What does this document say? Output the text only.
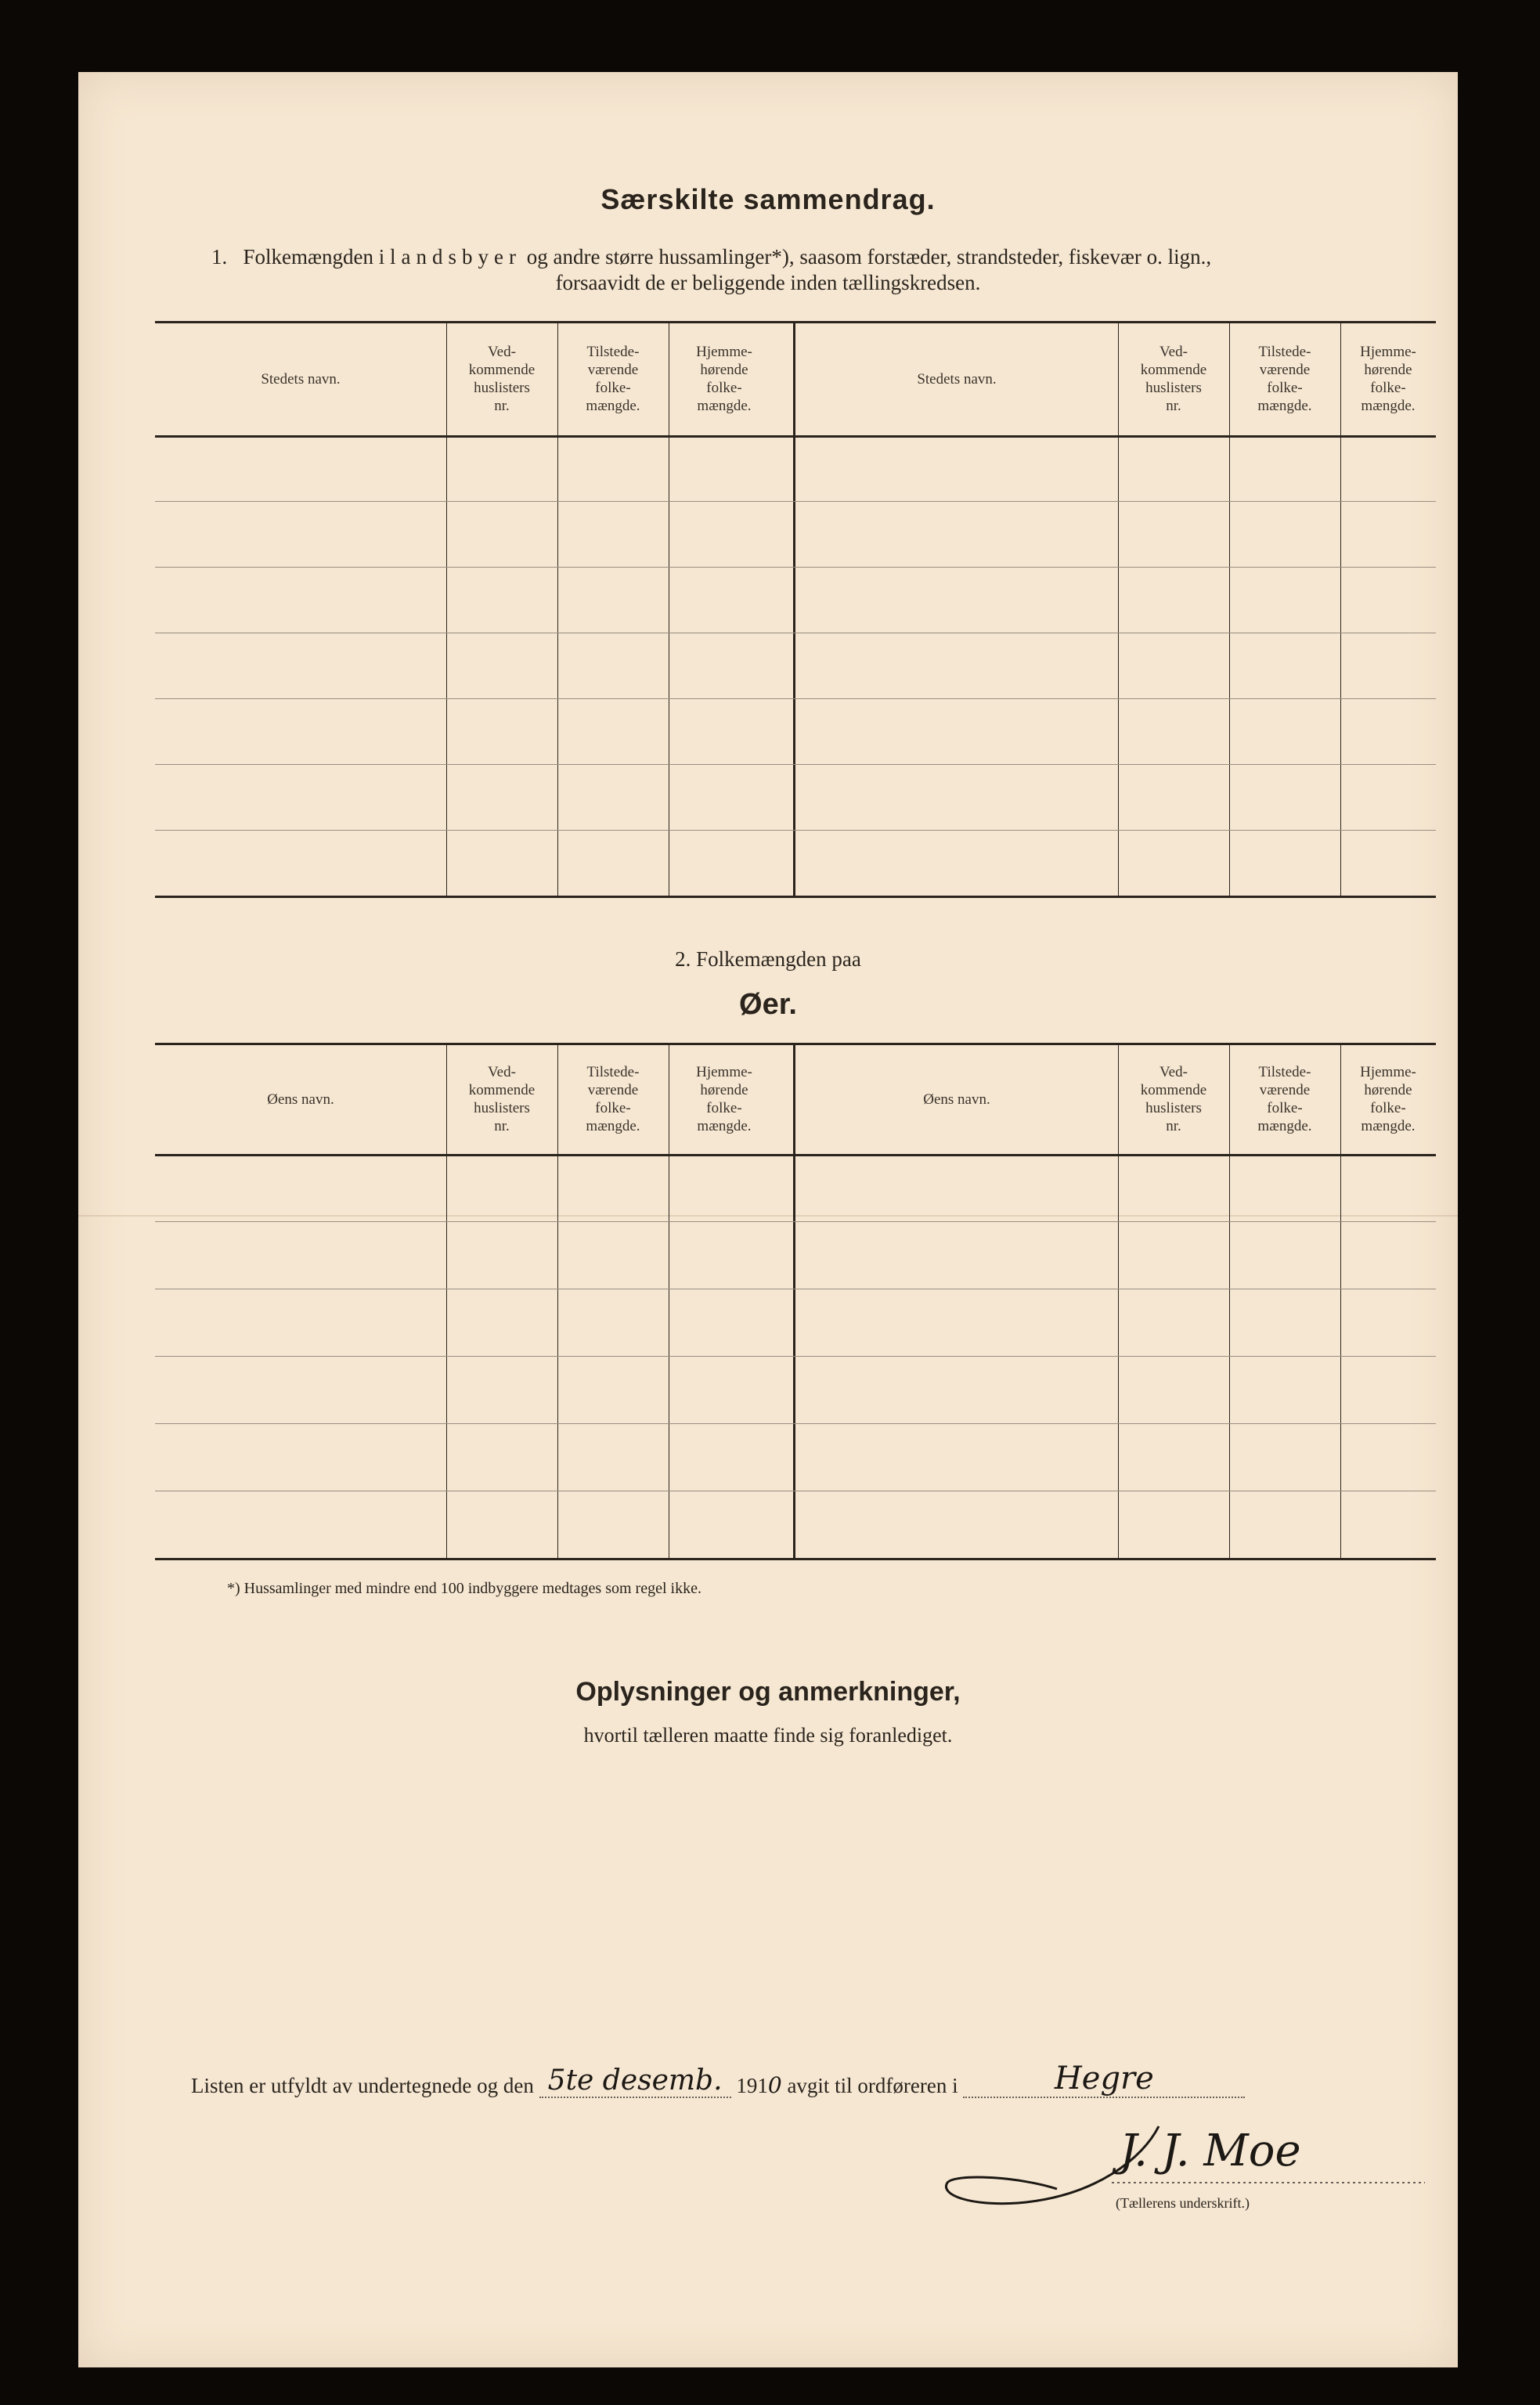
Særskilte sammendrag.
1. Folkemængden i landsbyer og andre større hussamlinger*), saasom forstæder, strandsteder, fiskevær o. lign.,
forsaavidt de er beliggende inden tællingskredsen.
Stedets navn.
Ved-
kommende
huslisters
nr.
Tilstede-
værende
folke-
mængde.
Hjemme-
hørende
folke-
mængde.
Stedets navn.
Ved-
kommende
huslisters
nr.
Tilstede-
værende
folke-
mængde.
Hjemme-
hørende
folke-
mængde.
2. Folkemængden paa
Øer.
Øens navn.
Ved-
kommende
huslisters
nr.
Tilstede-
værende
folke-
mængde.
Hjemme-
hørende
folke-
mængde.
Øens navn.
Ved-
kommende
huslisters
nr.
Tilstede-
værende
folke-
mængde.
Hjemme-
hørende
folke-
mængde.
*) Hussamlinger med mindre end 100 indbyggere medtages som regel ikke.
Oplysninger og anmerkninger,
hvortil tælleren maatte finde sig foranlediget.
Listen er utfyldt av undertegnede og den 5te desemb. 1910 avgit til ordføreren i	Hegre
J. J. Moe
(Tællerens underskrift.)
